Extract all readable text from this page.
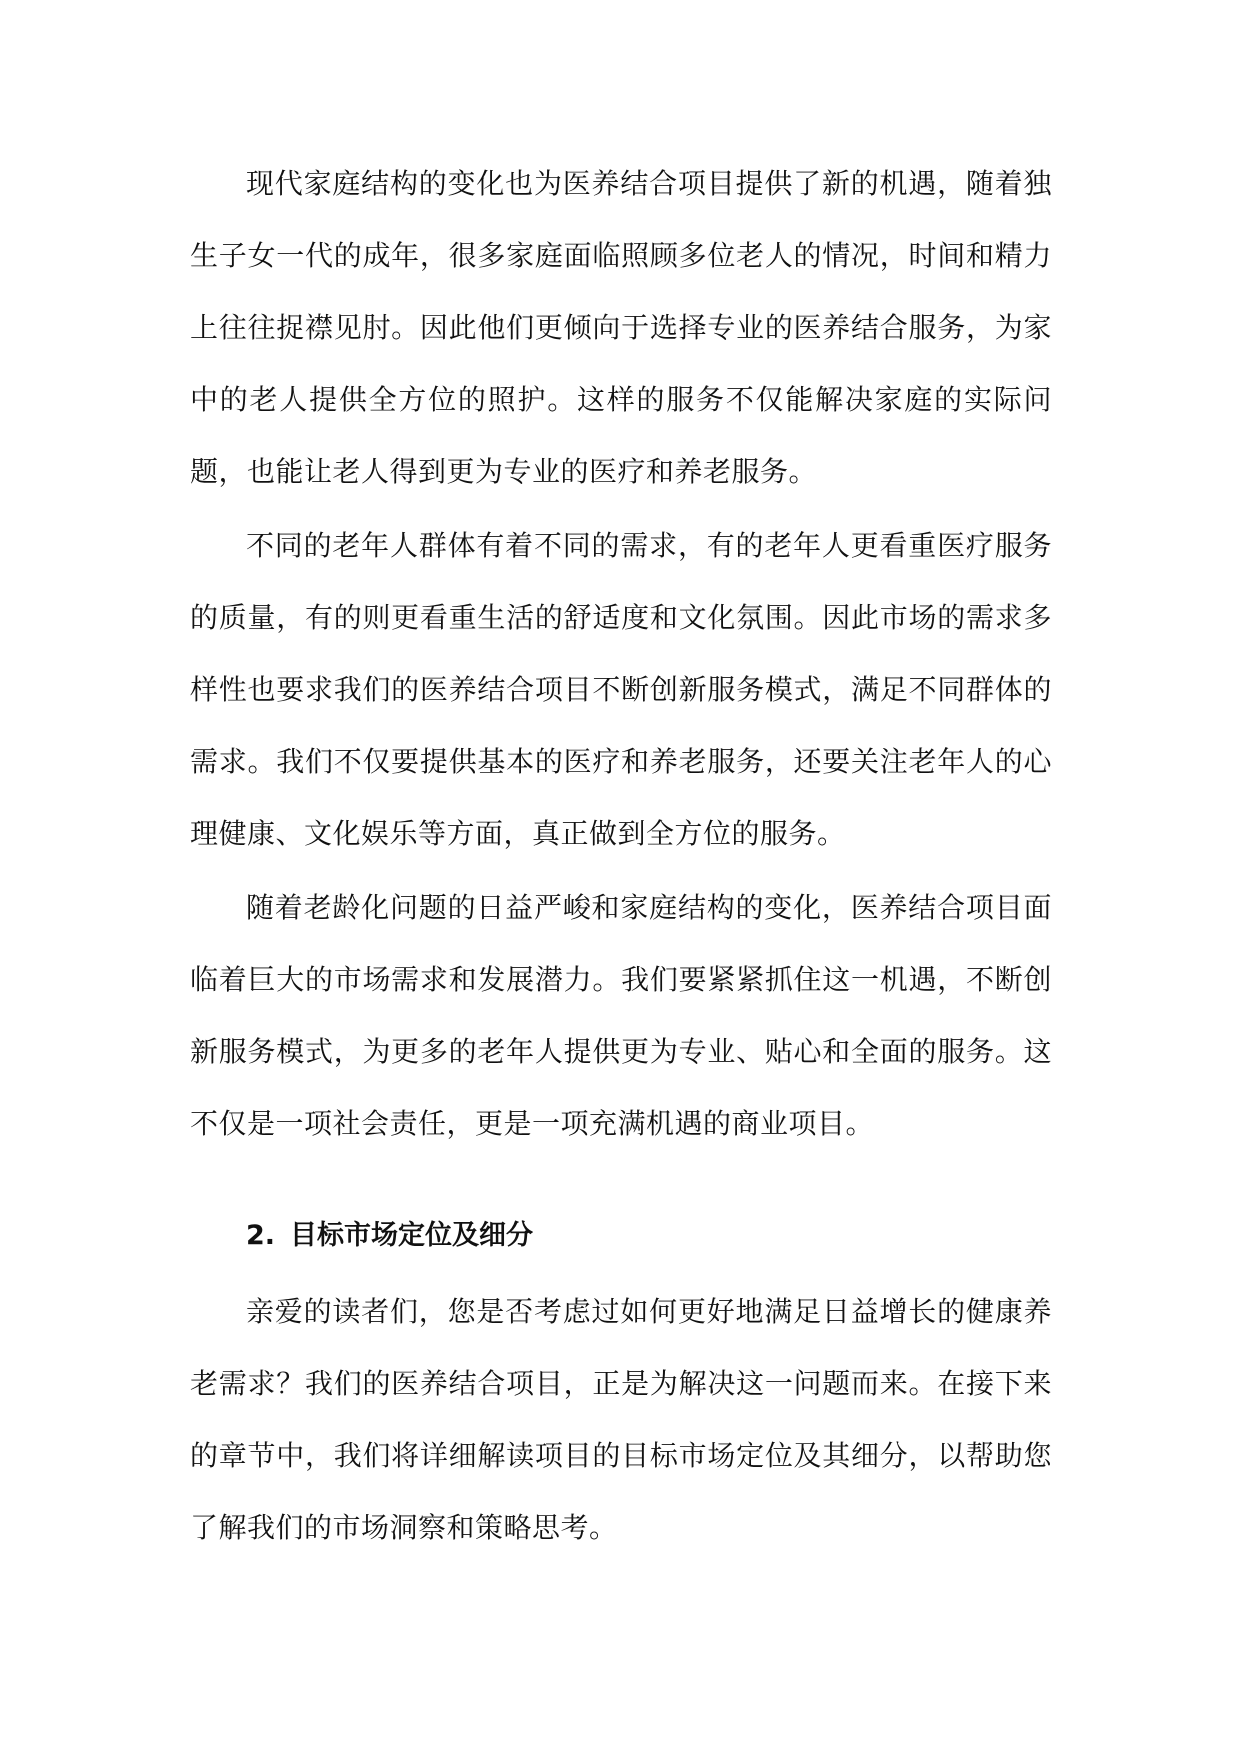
现代家庭结构的变化也为医养结合项目提供了新的机遇，随着独生子女一代的成年，很多家庭面临照顾多位老人的情况，时间和精力上往往捉襟见肘。因此他们更倾向于选择专业的医养结合服务，为家中的老人提供全方位的照护。这样的服务不仅能解决家庭的实际问题，也能让老人得到更为专业的医疗和养老服务。

不同的老年人群体有着不同的需求，有的老年人更看重医疗服务的质量，有的则更看重生活的舒适度和文化氛围。因此市场的需求多样性也要求我们的医养结合项目不断创新服务模式，满足不同群体的需求。我们不仅要提供基本的医疗和养老服务，还要关注老年人的心理健康、文化娱乐等方面，真正做到全方位的服务。

随着老龄化问题的日益严峻和家庭结构的变化，医养结合项目面临着巨大的市场需求和发展潜力。我们要紧紧抓住这一机遇，不断创新服务模式，为更多的老年人提供更为专业、贴心和全面的服务。这不仅是一项社会责任，更是一项充满机遇的商业项目。

2. 目标市场定位及细分

亲爱的读者们，您是否考虑过如何更好地满足日益增长的健康养老需求？我们的医养结合项目，正是为解决这一问题而来。在接下来的章节中，我们将详细解读项目的目标市场定位及其细分，以帮助您了解我们的市场洞察和策略思考。
